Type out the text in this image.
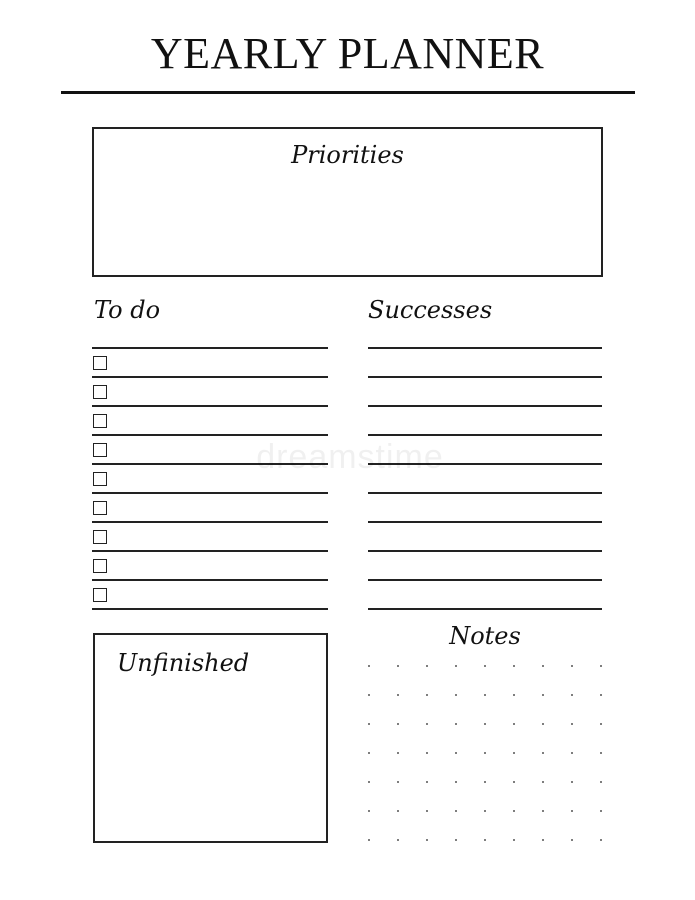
YEARLY PLANNER
Priorities
To do	Successes
Unfinished
Notes
dreamstime
